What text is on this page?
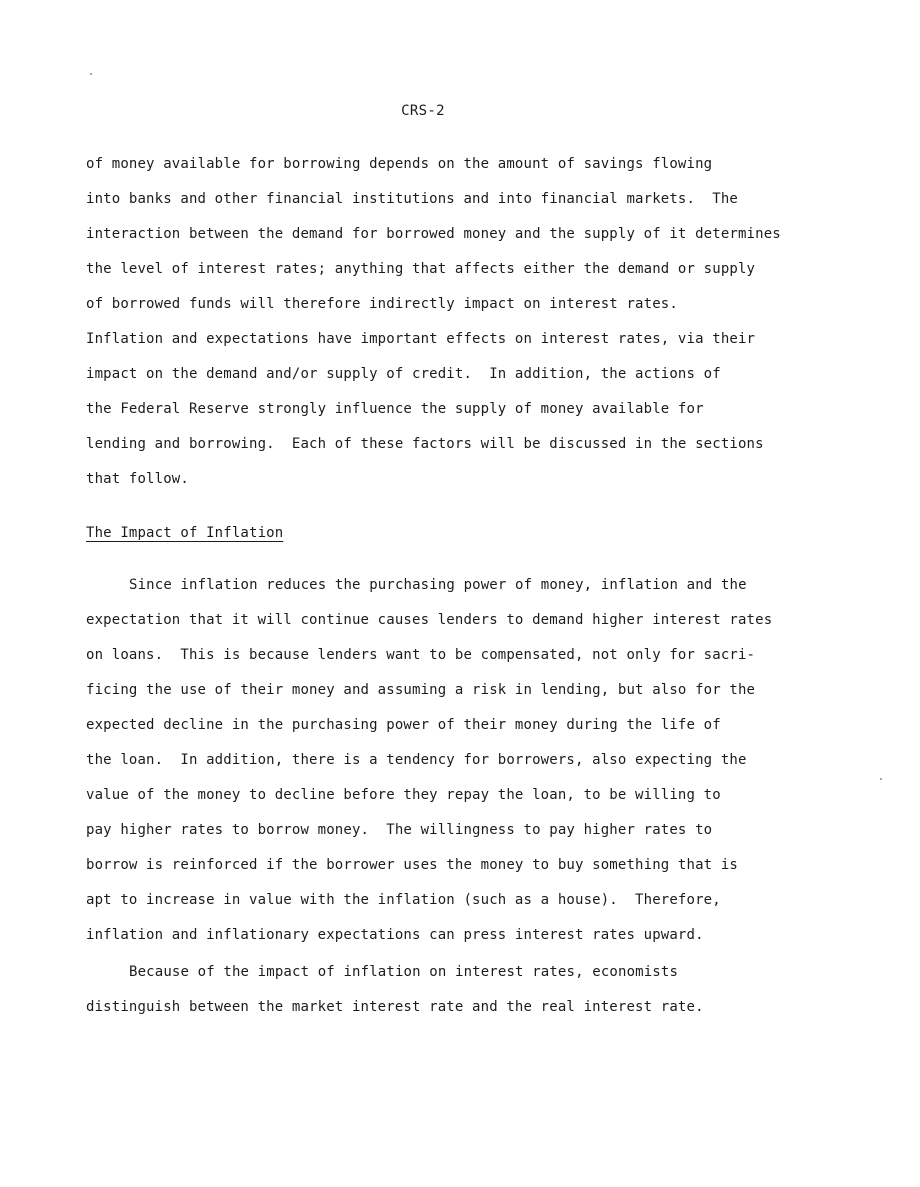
CRS-2
of money available for borrowing depends on the amount of savings flowing
into banks and other financial institutions and into financial markets.  The
interaction between the demand for borrowed money and the supply of it determines
the level of interest rates; anything that affects either the demand or supply
of borrowed funds will therefore indirectly impact on interest rates.
Inflation and expectations have important effects on interest rates, via their
impact on the demand and/or supply of credit.  In addition, the actions of
the Federal Reserve strongly influence the supply of money available for
lending and borrowing.  Each of these factors will be discussed in the sections
that follow.
The Impact of Inflation
Since inflation reduces the purchasing power of money, inflation and the
expectation that it will continue causes lenders to demand higher interest rates
on loans.  This is because lenders want to be compensated, not only for sacri-
ficing the use of their money and assuming a risk in lending, but also for the
expected decline in the purchasing power of their money during the life of
the loan.  In addition, there is a tendency for borrowers, also expecting the
value of the money to decline before they repay the loan, to be willing to
pay higher rates to borrow money.  The willingness to pay higher rates to
borrow is reinforced if the borrower uses the money to buy something that is
apt to increase in value with the inflation (such as a house).  Therefore,
inflation and inflationary expectations can press interest rates upward.
Because of the impact of inflation on interest rates, economists
distinguish between the market interest rate and the real interest rate.
